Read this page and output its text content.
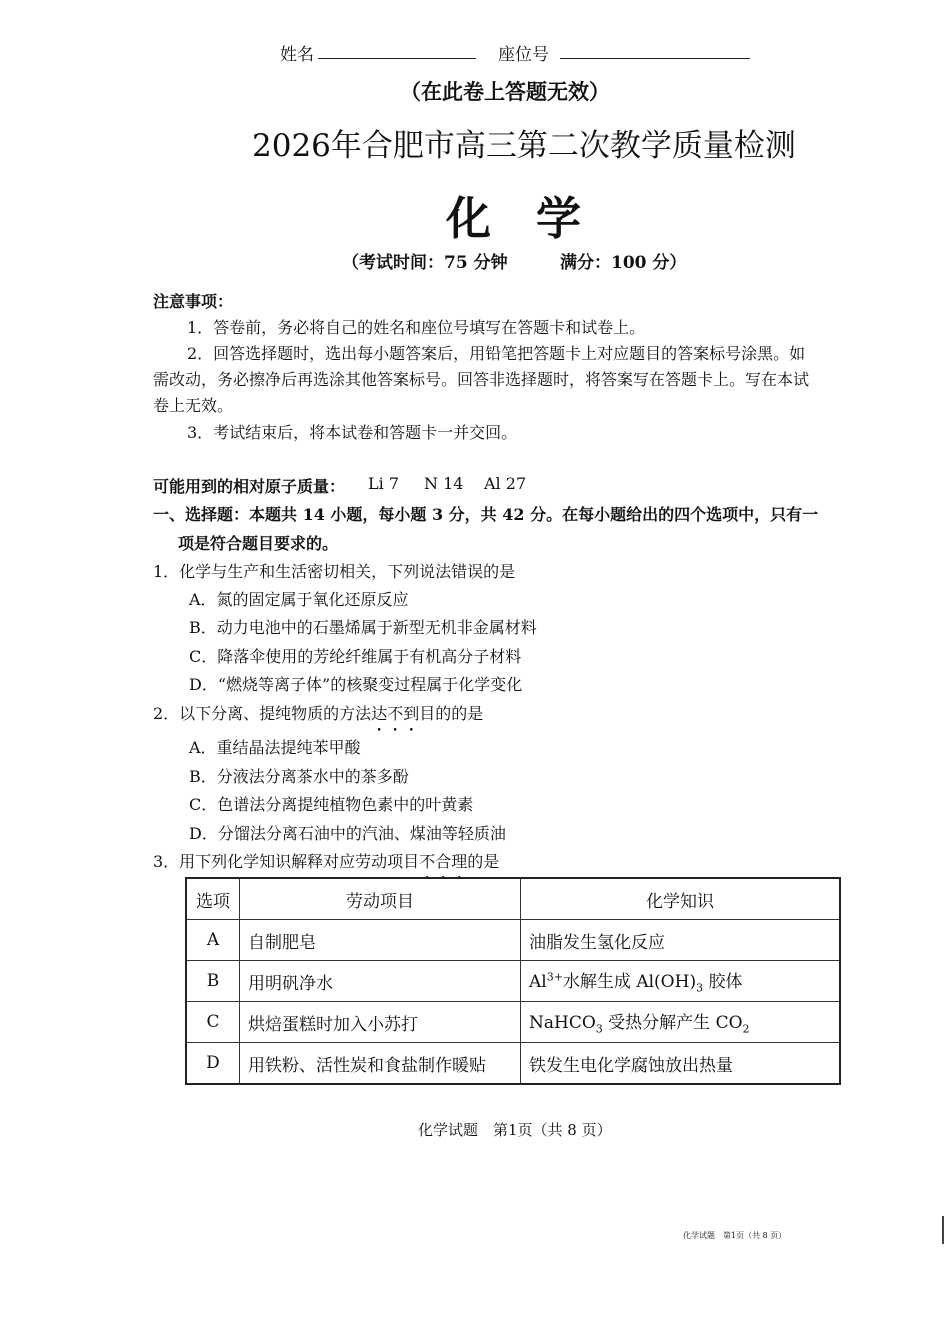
姓名	座位号
（在此卷上答题无效）
2026年合肥市高三第二次教学质量检测
化　学
（考试时间：75 分钟	满分：100 分）
注意事项：
1．答卷前，务必将自己的姓名和座位号填写在答题卡和试卷上。
2．回答选择题时，选出每小题答案后，用铅笔把答题卡上对应题目的答案标号涂黑。如
需改动，务必擦净后再选涂其他答案标号。回答非选择题时，将答案写在答题卡上。写在本试
卷上无效。
3．考试结束后，将本试卷和答题卡一并交回。
可能用到的相对原子质量： Li 7 N 14 Al 27
一、选择题：本题共 14 小题，每小题 3 分，共 42 分。在每小题给出的四个选项中，只有一
项是符合题目要求的。
1．化学与生产和生活密切相关，下列说法错误的是
A．氮的固定属于氧化还原反应
B．动力电池中的石墨烯属于新型无机非金属材料
C．降落伞使用的芳纶纤维属于有机高分子材料
D．“燃烧等离子体”的核聚变过程属于化学变化
2．以下分离、提纯物质的方法达不到目的的是
A．重结晶法提纯苯甲酸
B．分液法分离茶水中的茶多酚
C．色谱法分离提纯植物色素中的叶黄素
D．分馏法分离石油中的汽油、煤油等轻质油
3．用下列化学知识解释对应劳动项目不合理的是
选项	劳动项目	化学知识
A	自制肥皂	油脂发生氢化反应
B	用明矾净水	$Al^{3+}$水解生成 $Al(OH)_3$ 胶体
C	烘焙蛋糕时加入小苏打	NaHCO$_3$ 受热分解产生 $CO_2$
D	用铁粉、活性炭和食盐制作暖贴	铁发生电化学腐蚀放出热量
化学试题　第1页（共 8 页）
化学试题　第1页（共 8 页）
